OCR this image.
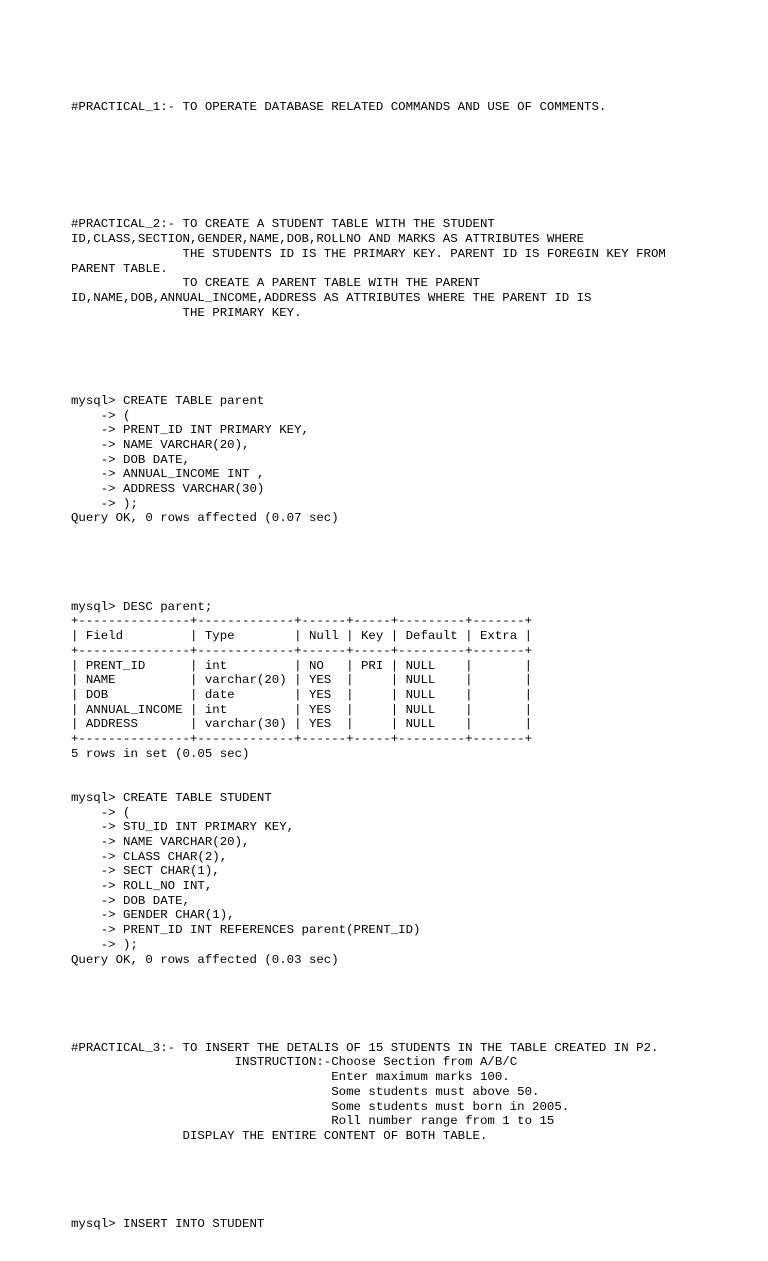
#PRACTICAL_1:- TO OPERATE DATABASE RELATED COMMANDS AND USE OF COMMENTS.

#PRACTICAL_2:- TO CREATE A STUDENT TABLE WITH THE STUDENT
ID,CLASS,SECTION,GENDER,NAME,DOB,ROLLNO AND MARKS AS ATTRIBUTES WHERE
THE STUDENTS ID IS THE PRIMARY KEY. PARENT ID IS FOREGIN KEY FROM
PARENT TABLE.
TO CREATE A PARENT TABLE WITH THE PARENT
ID,NAME,DOB,ANNUAL_INCOME,ADDRESS AS ATTRIBUTES WHERE THE PARENT ID IS
THE PRIMARY KEY.

mysql> CREATE TABLE parent
-> (
-> PRENT_ID INT PRIMARY KEY,
-> NAME VARCHAR(20),
-> DOB DATE,
-> ANNUAL_INCOME INT ,
-> ADDRESS VARCHAR(30)
-> );
Query OK, 0 rows affected (0.07 sec)

mysql> DESC parent;
+---------------+-------------+------+-----+---------+-------+
| Field         | Type        | Null | Key | Default | Extra |
+---------------+-------------+------+-----+---------+-------+
| PRENT_ID      | int         | NO   | PRI | NULL    |       |
| NAME          | varchar(20) | YES  |     | NULL    |       |
| DOB           | date        | YES  |     | NULL    |       |
| ANNUAL_INCOME | int         | YES  |     | NULL    |       |
| ADDRESS       | varchar(30) | YES  |     | NULL    |       |
+---------------+-------------+------+-----+---------+-------+
5 rows in set (0.05 sec)

mysql> CREATE TABLE STUDENT
-> (
-> STU_ID INT PRIMARY KEY,
-> NAME VARCHAR(20),
-> CLASS CHAR(2),
-> SECT CHAR(1),
-> ROLL_NO INT,
-> DOB DATE,
-> GENDER CHAR(1),
-> PRENT_ID INT REFERENCES parent(PRENT_ID)
-> );
Query OK, 0 rows affected (0.03 sec)

#PRACTICAL_3:- TO INSERT THE DETALIS OF 15 STUDENTS IN THE TABLE CREATED IN P2.
INSTRUCTION:-Choose Section from A/B/C
Enter maximum marks 100.
Some students must above 50.
Some students must born in 2005.
Roll number range from 1 to 15
DISPLAY THE ENTIRE CONTENT OF BOTH TABLE.

mysql> INSERT INTO STUDENT
